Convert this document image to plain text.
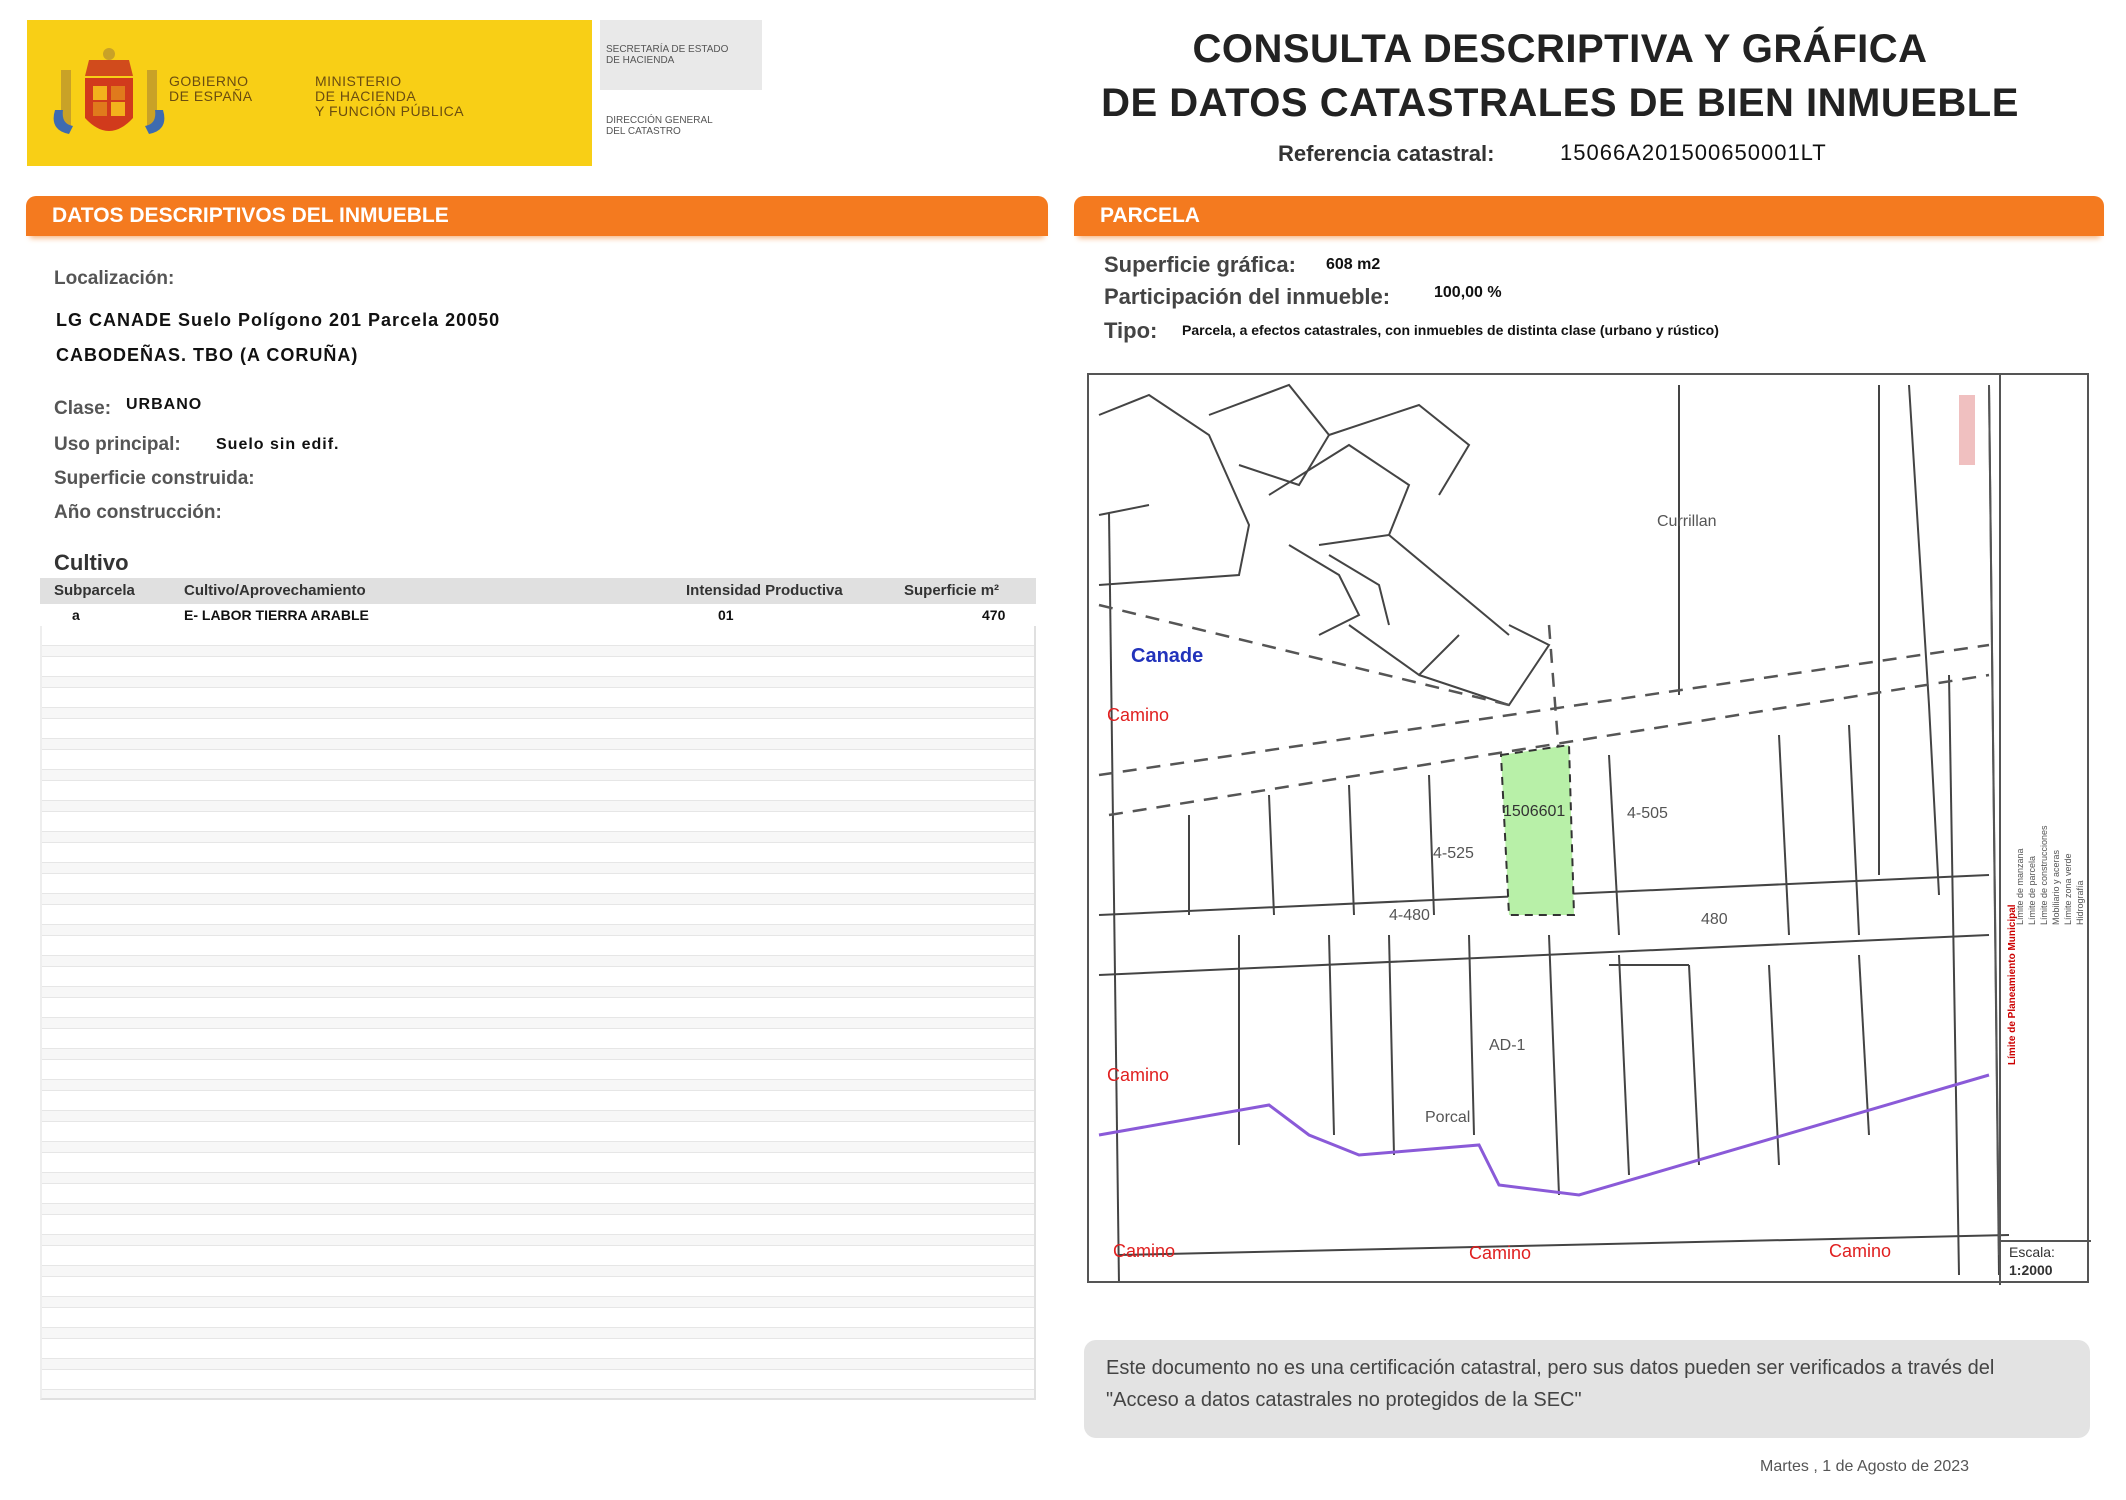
GOBIERNO
DE ESPAÑA
MINISTERIO
DE HACIENDA
Y FUNCIÓN PÚBLICA
SECRETARÍA DE ESTADO
DE HACIENDA
DIRECCIÓN GENERAL
DEL CATASTRO
CONSULTA DESCRIPTIVA Y GRÁFICA
DE DATOS CATASTRALES DE BIEN INMUEBLE
Referencia catastral:	15066A201500650001LT
DATOS DESCRIPTIVOS DEL INMUEBLE
Localización:
LG CANADE Suelo Polígono 201 Parcela 20050
CABODEÑAS. TBO (A CORUÑA)
Clase: URBANO
Uso principal: Suelo sin edif.
Superficie construida:
Año construcción:
Cultivo
Subparcela	Cultivo/Aprovechamiento	Intensidad Productiva	Superficie m²
a	E- LABOR TIERRA ARABLE	01	470
PARCELA
Superficie gráfica: 608 m2
Participación del inmueble:	100,00 %
Tipo: Parcela, a efectos catastrales, con inmuebles de distinta clase (urbano y rústico)
Canade
Camino
Camino
Camino	Camino	Camino
1506601
Currillan
4-505
4-525
4-480	480
AD-1
Porcal
Límite de Planeamiento Municipal
Límite de manzana Límite de parcela Límite de construcciones Mobiliario y aceras Límite zona verde Hidrografía
Escala:
1:2000
Este documento no es una certificación catastral, pero sus datos pueden ser verificados a través del "Acceso a datos catastrales no protegidos de la SEC"
Martes , 1 de Agosto de 2023
